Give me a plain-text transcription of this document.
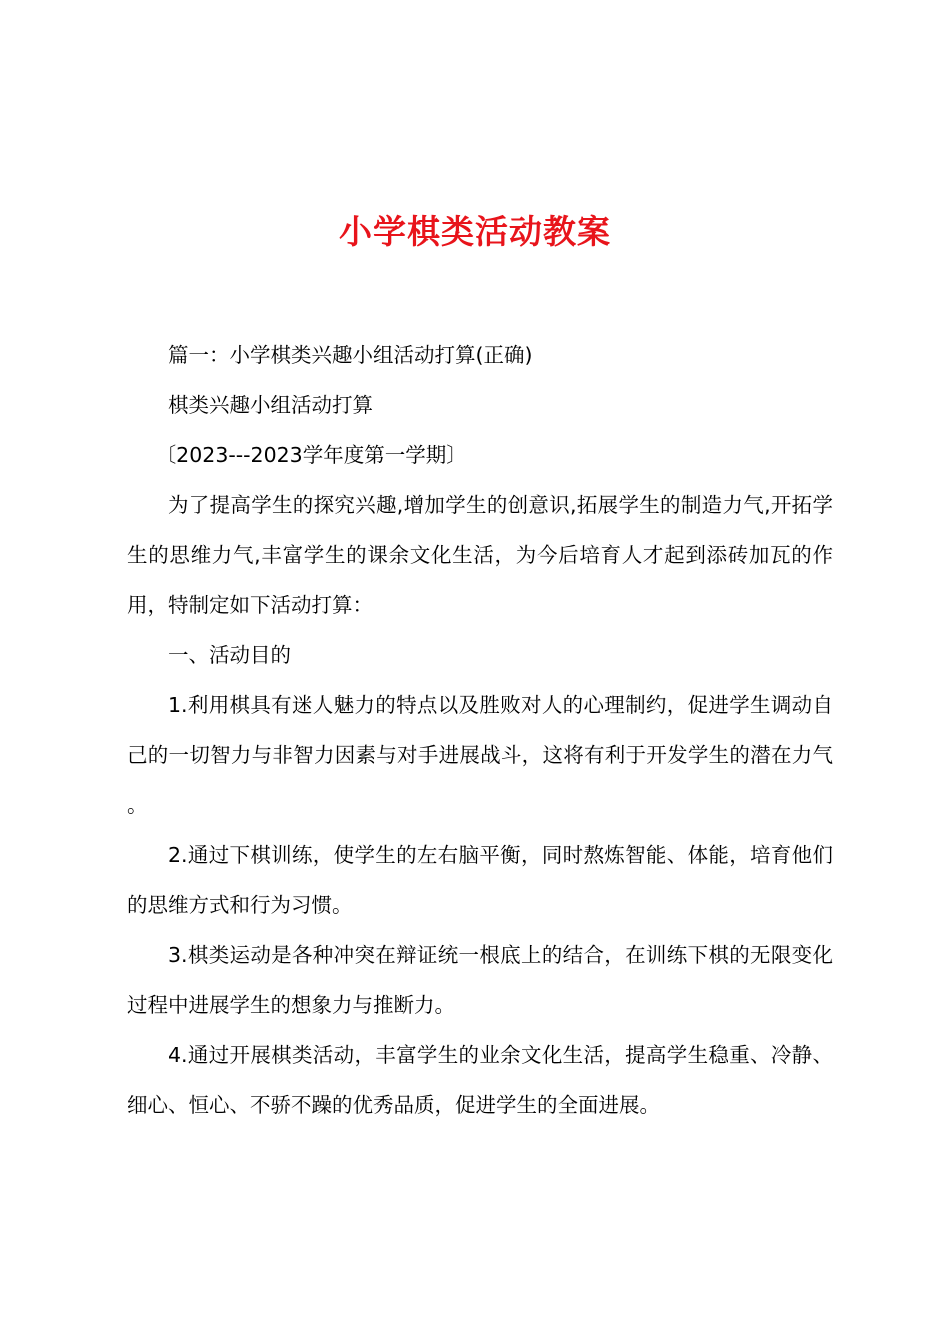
小学棋类活动教案

篇一：小学棋类兴趣小组活动打算(正确)

棋类兴趣小组活动打算

〔2023---2023学年度第一学期〕

为了提高学生的探究兴趣,增加学生的创意识,拓展学生的制造力气,开拓学生的思维力气,丰富学生的课余文化生活，为今后培育人才起到添砖加瓦的作用，特制定如下活动打算：

一、活动目的

1.利用棋具有迷人魅力的特点以及胜败对人的心理制约，促进学生调动自己的一切智力与非智力因素与对手进展战斗，这将有利于开发学生的潜在力气 。

2.通过下棋训练，使学生的左右脑平衡，同时熬炼智能、体能，培育他们的思维方式和行为习惯。

3.棋类运动是各种冲突在辩证统一根底上的结合，在训练下棋的无限变化过程中进展学生的想象力与推断力。

4.通过开展棋类活动，丰富学生的业余文化生活，提高学生稳重、冷静、细心、恒心、不骄不躁的优秀品质，促进学生的全面进展。
